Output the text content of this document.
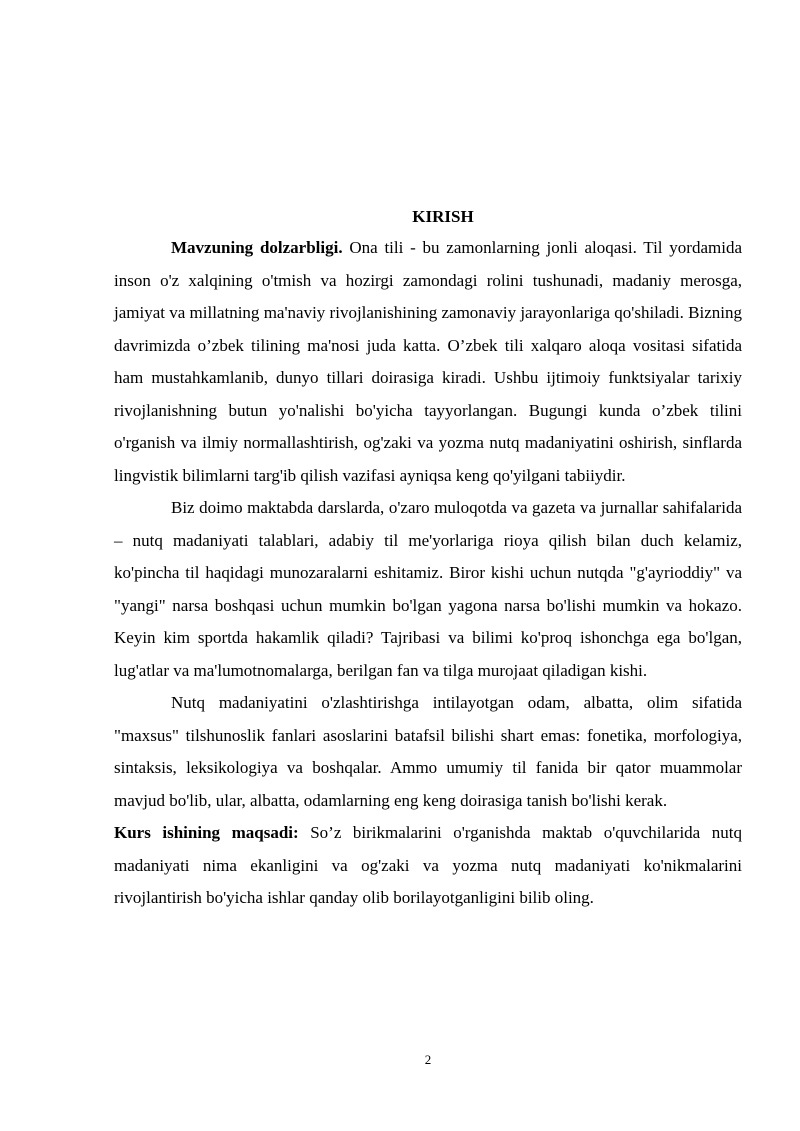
KIRISH

Mavzuning dolzarbligi. Ona tili - bu zamonlarning jonli aloqasi. Til yordamida inson o'z xalqining o'tmish va hozirgi zamondagi rolini tushunadi, madaniy merosga, jamiyat va millatning ma'naviy rivojlanishining zamonaviy jarayonlariga qo'shiladi. Bizning davrimizda o’zbek tilining ma'nosi juda katta. O’zbek tili xalqaro aloqa vositasi sifatida ham mustahkamlanib, dunyo tillari doirasiga kiradi. Ushbu ijtimoiy funktsiyalar tarixiy rivojlanishning butun yo'nalishi bo'yicha tayyorlangan. Bugungi kunda o’zbek tilini o'rganish va ilmiy normallashtirish, og'zaki va yozma nutq madaniyatini oshirish, sinflarda lingvistik bilimlarni targ'ib qilish vazifasi ayniqsa keng qo'yilgani tabiiydir.

Biz doimo maktabda darslarda, o'zaro muloqotda va gazeta va jurnallar sahifalarida – nutq madaniyati talablari, adabiy til me'yorlariga rioya qilish bilan duch kelamiz, ko'pincha til haqidagi munozaralarni eshitamiz. Biror kishi uchun nutqda "g'ayrioddiy" va "yangi" narsa boshqasi uchun mumkin bo'lgan yagona narsa bo'lishi mumkin va hokazo. Keyin kim sportda hakamlik qiladi? Tajribasi va bilimi ko'proq ishonchga ega bo'lgan, lug'atlar va ma'lumotnomalarga, berilgan fan va tilga murojaat qiladigan kishi.

Nutq madaniyatini o'zlashtirishga intilayotgan odam, albatta, olim sifatida "maxsus" tilshunoslik fanlari asoslarini batafsil bilishi shart emas: fonetika, morfologiya, sintaksis, leksikologiya va boshqalar. Ammo umumiy til fanida bir qator muammolar mavjud bo'lib, ular, albatta, odamlarning eng keng doirasiga tanish bo'lishi kerak.

Kurs ishining maqsadi: So’z birikmalarini o'rganishda maktab o'quvchilarida nutq madaniyati nima ekanligini va og'zaki va yozma nutq madaniyati ko'nikmalarini rivojlantirish bo'yicha ishlar qanday olib borilayotganligini bilib oling.

2
